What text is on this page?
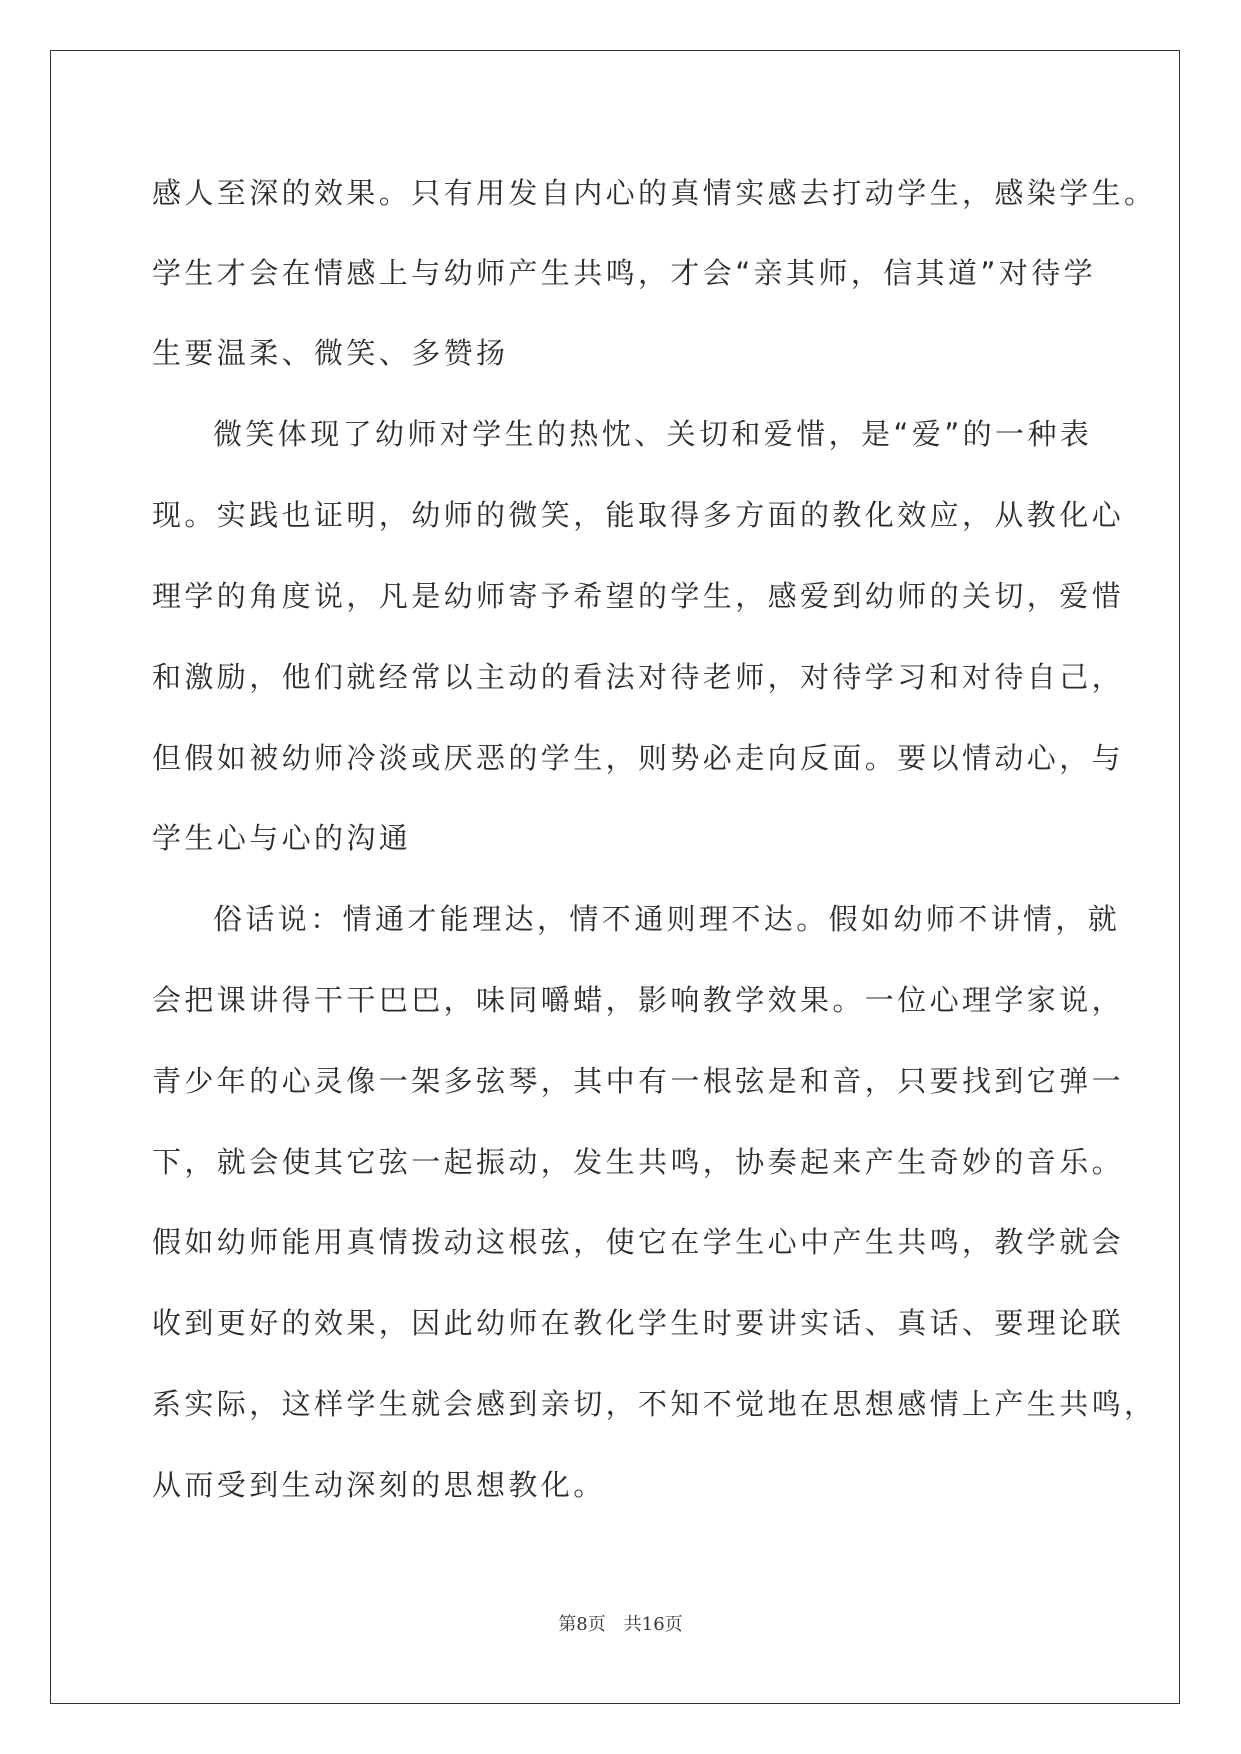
感人至深的效果。只有用发自内心的真情实感去打动学生，感染学生。
学生才会在情感上与幼师产生共鸣，才会“亲其师，信其道”对待学
生要温柔、微笑、多赞扬
微笑体现了幼师对学生的热忱、关切和爱惜，是“爱”的一种表
现。实践也证明，幼师的微笑，能取得多方面的教化效应，从教化心
理学的角度说，凡是幼师寄予希望的学生，感爱到幼师的关切，爱惜
和激励，他们就经常以主动的看法对待老师，对待学习和对待自己，
但假如被幼师冷淡或厌恶的学生，则势必走向反面。要以情动心，与
学生心与心的沟通
俗话说：情通才能理达，情不通则理不达。假如幼师不讲情，就
会把课讲得干干巴巴，味同嚼蜡，影响教学效果。一位心理学家说，
青少年的心灵像一架多弦琴，其中有一根弦是和音，只要找到它弹一
下，就会使其它弦一起振动，发生共鸣，协奏起来产生奇妙的音乐。
假如幼师能用真情拨动这根弦，使它在学生心中产生共鸣，教学就会
收到更好的效果，因此幼师在教化学生时要讲实话、真话、要理论联
系实际，这样学生就会感到亲切，不知不觉地在思想感情上产生共鸣，
从而受到生动深刻的思想教化。
第8页　共16页
